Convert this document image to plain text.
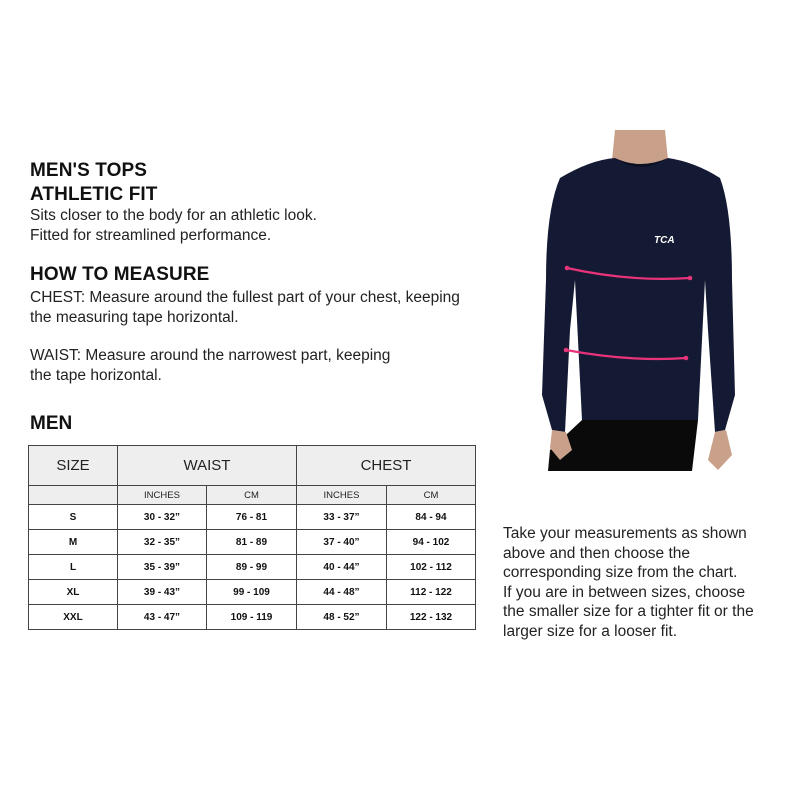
MEN'S TOPS
ATHLETIC FIT
Sits closer to the body for an athletic look.
Fitted for streamlined performance.
HOW TO MEASURE
CHEST: Measure around the fullest part of your chest, keeping
the measuring tape horizontal.
WAIST: Measure around the narrowest part, keeping
the tape horizontal.
MEN
SIZE	WAIST		CHEST	
	INCHES	CM	INCHES	CM
S	30 - 32”	76 - 81	33 - 37”	84 - 94
M	32 - 35”	81 - 89	37 - 40”	94 - 102
L	35 - 39”	89 - 99	40 - 44”	102 - 112
XL	39 - 43”	99 - 109	44 - 48”	112 - 122
XXL	43 - 47”	109 - 119	48 - 52”	122 - 132
Take your measurements as shown
above and then choose the
corresponding size from the chart.
If you are in between sizes, choose
the smaller size for a tighter fit or the
larger size for a looser fit.
TCA
